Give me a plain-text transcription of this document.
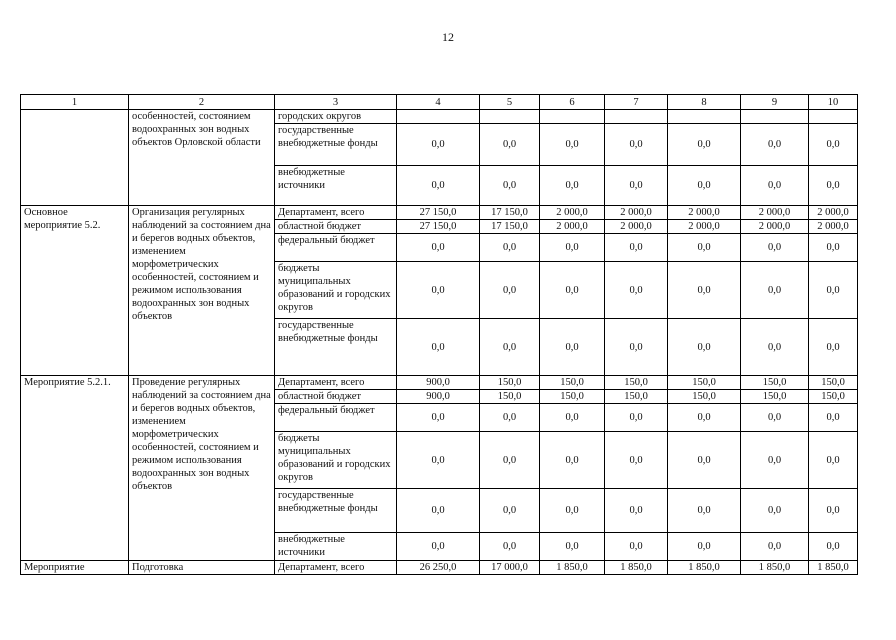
12
1	2	3	4	5	6	7	8	9	10
	особенностей, состоянием водоохранных зон водных объектов Орловской области	городских округов							
		государственные внебюджетные фонды	0,0	0,0	0,0	0,0	0,0	0,0	0,0
		внебюджетные источники	0,0	0,0	0,0	0,0	0,0	0,0	0,0
Основное мероприятие 5.2.	Организация регулярных наблюдений за состоянием дна и берегов водных объектов, изменением морфометрических особенностей, состоянием и режимом использования водоохранных зон водных объектов	Департамент, всего	27 150,0	17 150,0	2 000,0	2 000,0	2 000,0	2 000,0	2 000,0
		областной бюджет	27 150,0	17 150,0	2 000,0	2 000,0	2 000,0	2 000,0	2 000,0
		федеральный бюджет	0,0	0,0	0,0	0,0	0,0	0,0	0,0
		бюджеты муниципальных образований и городских округов	0,0	0,0	0,0	0,0	0,0	0,0	0,0
		государственные внебюджетные фонды	0,0	0,0	0,0	0,0	0,0	0,0	0,0
Мероприятие 5.2.1.	Проведение регулярных наблюдений за состоянием дна и берегов водных объектов, изменением морфометрических особенностей, состоянием и режимом использования водоохранных зон водных объектов	Департамент, всего	900,0	150,0	150,0	150,0	150,0	150,0	150,0
		областной бюджет	900,0	150,0	150,0	150,0	150,0	150,0	150,0
		федеральный бюджет	0,0	0,0	0,0	0,0	0,0	0,0	0,0
		бюджеты муниципальных образований и городских округов	0,0	0,0	0,0	0,0	0,0	0,0	0,0
		государственные внебюджетные фонды	0,0	0,0	0,0	0,0	0,0	0,0	0,0
		внебюджетные источники	0,0	0,0	0,0	0,0	0,0	0,0	0,0
Мероприятие	Подготовка	Департамент, всего	26 250,0	17 000,0	1 850,0	1 850,0	1 850,0	1 850,0	1 850,0
